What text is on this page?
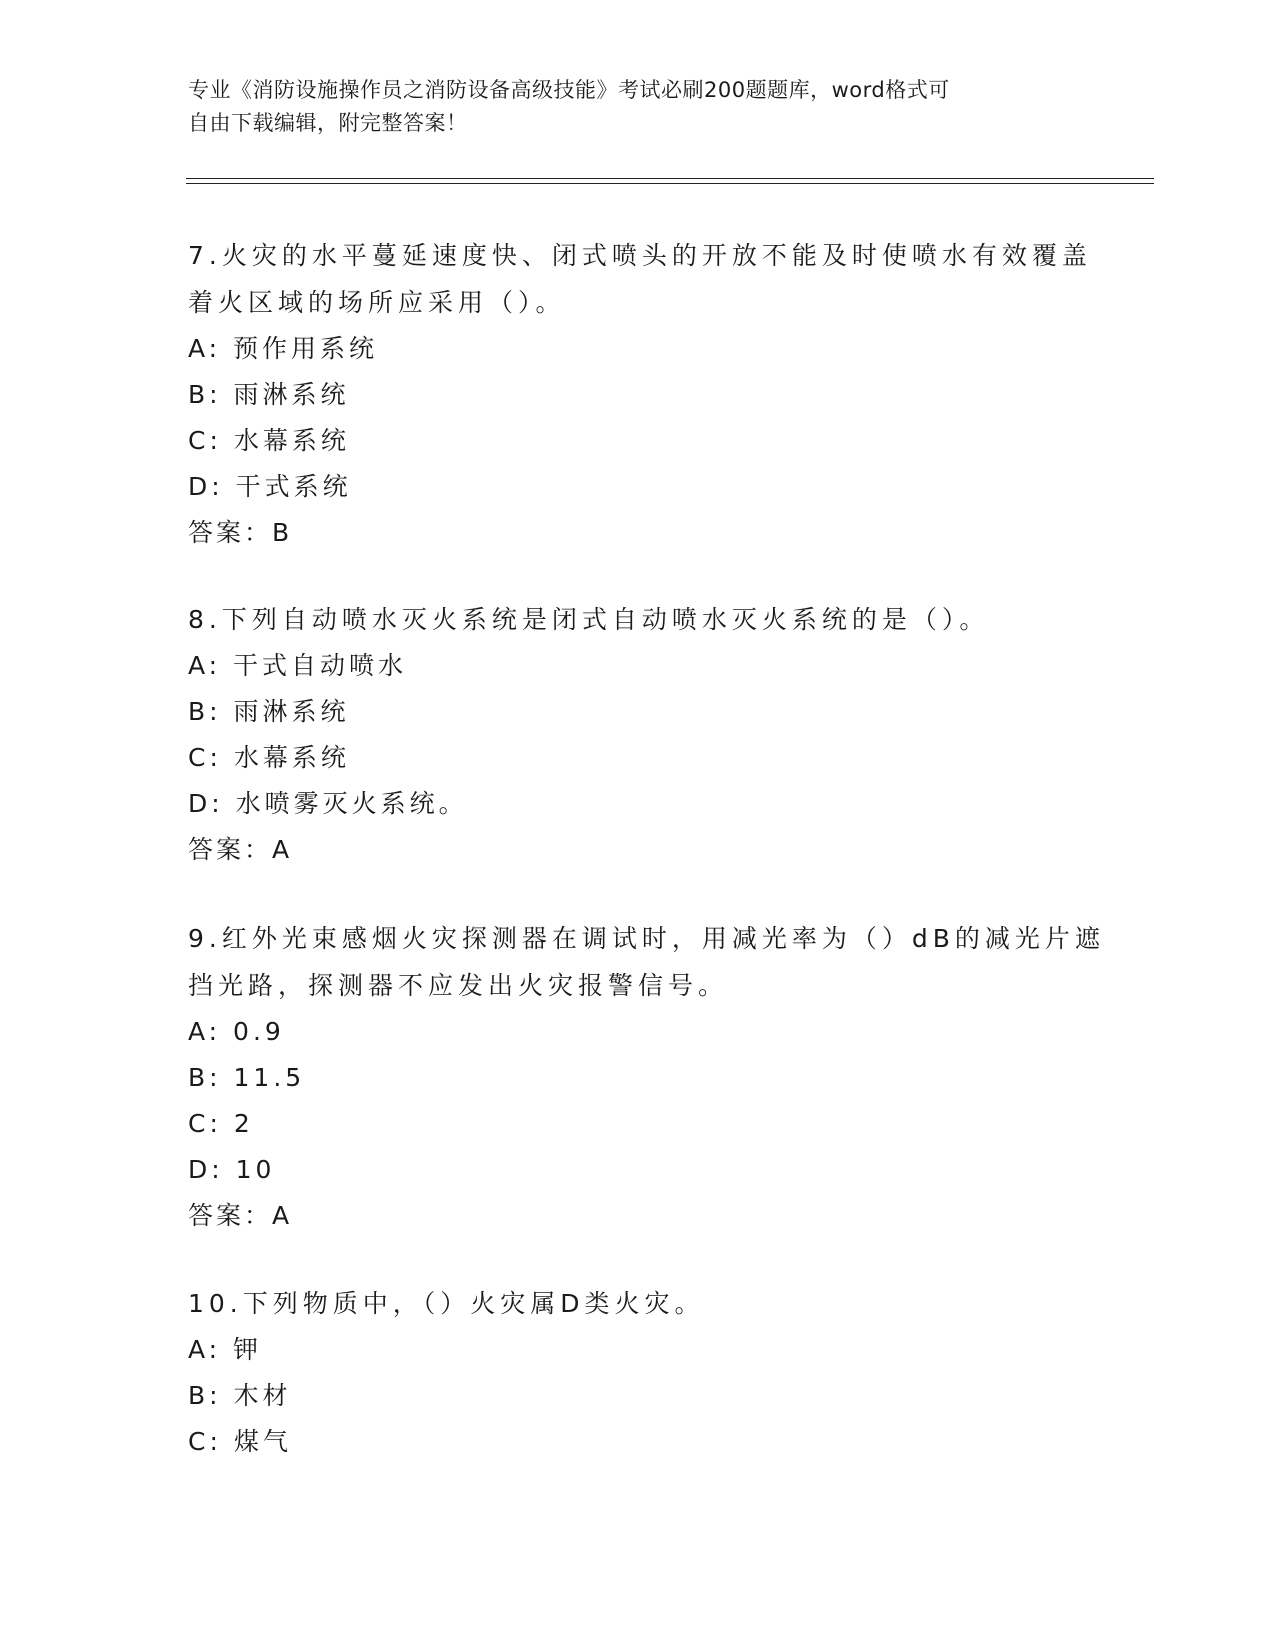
专业《消防设施操作员之消防设备高级技能》考试必刷200题题库，word格式可
自由下载编辑，附完整答案！
7.火灾的水平蔓延速度快、闭式喷头的开放不能及时使喷水有效覆盖
着火区域的场所应采用（）。
A: 预作用系统
B: 雨淋系统
C: 水幕系统
D: 干式系统
答案：B
8.下列自动喷水灭火系统是闭式自动喷水灭火系统的是（）。
A: 干式自动喷水
B: 雨淋系统
C: 水幕系统
D: 水喷雾灭火系统。
答案：A
9.红外光束感烟火灾探测器在调试时，用减光率为（）dB的减光片遮
挡光路，探测器不应发出火灾报警信号。
A: 0.9
B: 11.5
C: 2
D: 10
答案：A
10.下列物质中，（）火灾属D类火灾。
A: 钾
B: 木材
C: 煤气
